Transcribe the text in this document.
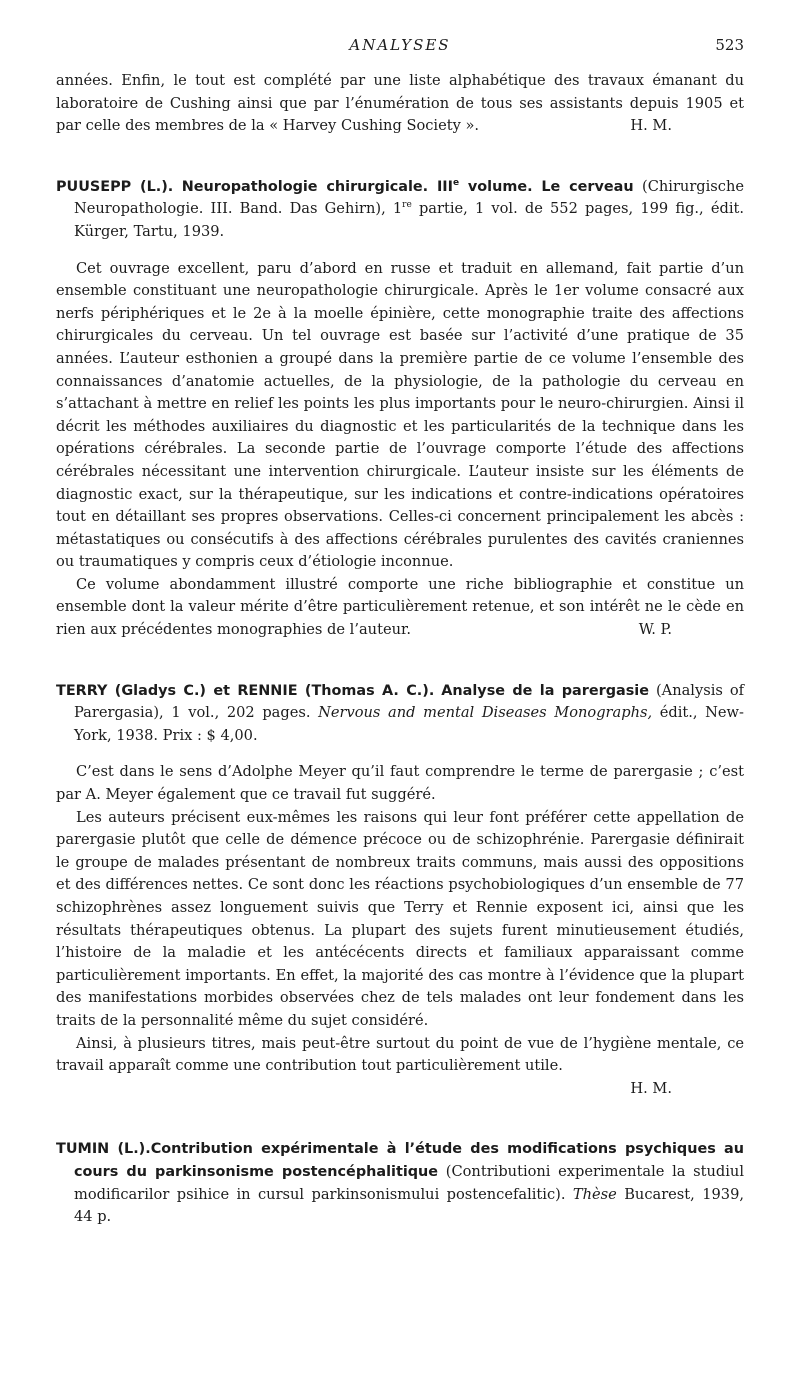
ANALYSES	523

années. Enfin, le tout est complété par une liste alphabétique des travaux émanant du laboratoire de Cushing ainsi que par l’énumération de tous ses assistants depuis 1905 et par celle des membres de la « Harvey Cushing Society ».	H. M.

PUUSEPP (L.). Neuropathologie chirurgicale. IIIe volume. Le cerveau (Chirurgische Neuropathologie. III. Band. Das Gehirn), 1re partie, 1 vol. de 552 pages, 199 fig., édit. Kürger, Tartu, 1939.

Cet ouvrage excellent, paru d’abord en russe et traduit en allemand, fait partie d’un ensemble constituant une neuropathologie chirurgicale. Après le 1er volume consacré aux nerfs périphériques et le 2e à la moelle épinière, cette monographie traite des affections chirurgicales du cerveau. Un tel ouvrage est basée sur l’activité d’une pratique de 35 années. L’auteur esthonien a groupé dans la première partie de ce volume l’ensemble des connaissances d’anatomie actuelles, de la physiologie, de la pathologie du cerveau en s’attachant à mettre en relief les points les plus importants pour le neuro-chirurgien. Ainsi il décrit les méthodes auxiliaires du diagnostic et les particularités de la technique dans les opérations cérébrales. La seconde partie de l’ouvrage comporte l’étude des affections cérébrales nécessitant une intervention chirurgicale. L’auteur insiste sur les éléments de diagnostic exact, sur la thérapeutique, sur les indications et contre-indications opératoires tout en détaillant ses propres observations. Celles-ci concernent principalement les abcès : métastatiques ou consécutifs à des affections cérébrales purulentes des cavités craniennes ou traumatiques y compris ceux d’étiologie inconnue.

Ce volume abondamment illustré comporte une riche bibliographie et constitue un ensemble dont la valeur mérite d’être particulièrement retenue, et son intérêt ne le cède en rien aux précédentes monographies de l’auteur.	W. P.

TERRY (Gladys C.) et RENNIE (Thomas A. C.). Analyse de la parergasie (Analysis of Parergasia), 1 vol., 202 pages. Nervous and mental Diseases Monographs, édit., New-York, 1938. Prix : $ 4,00.

C’est dans le sens d’Adolphe Meyer qu’il faut comprendre le terme de parergasie ; c’est par A. Meyer également que ce travail fut suggéré.

Les auteurs précisent eux-mêmes les raisons qui leur font préférer cette appellation de parergasie plutôt que celle de démence précoce ou de schizophrénie. Parergasie définirait le groupe de malades présentant de nombreux traits communs, mais aussi des oppositions et des différences nettes. Ce sont donc les réactions psychobiologiques d’un ensemble de 77 schizophrènes assez longuement suivis que Terry et Rennie exposent ici, ainsi que les résultats thérapeutiques obtenus. La plupart des sujets furent minutieusement étudiés, l’histoire de la maladie et les antécécents directs et familiaux apparaissant comme particulièrement importants. En effet, la majorité des cas montre à l’évidence que la plupart des manifestations morbides observées chez de tels malades ont leur fondement dans les traits de la personnalité même du sujet considéré.

Ainsi, à plusieurs titres, mais peut-être surtout du point de vue de l’hygiène mentale, ce travail apparaît comme une contribution tout particulièrement utile.

H. M.

TUMIN (L.).Contribution expérimentale à l’étude des modifications psychiques au cours du parkinsonisme postencéphalitique (Contributioni experimentale la studiul modificarilor psihice in cursul parkinsonismului postencefalitic). Thèse Bucarest, 1939, 44 p.
